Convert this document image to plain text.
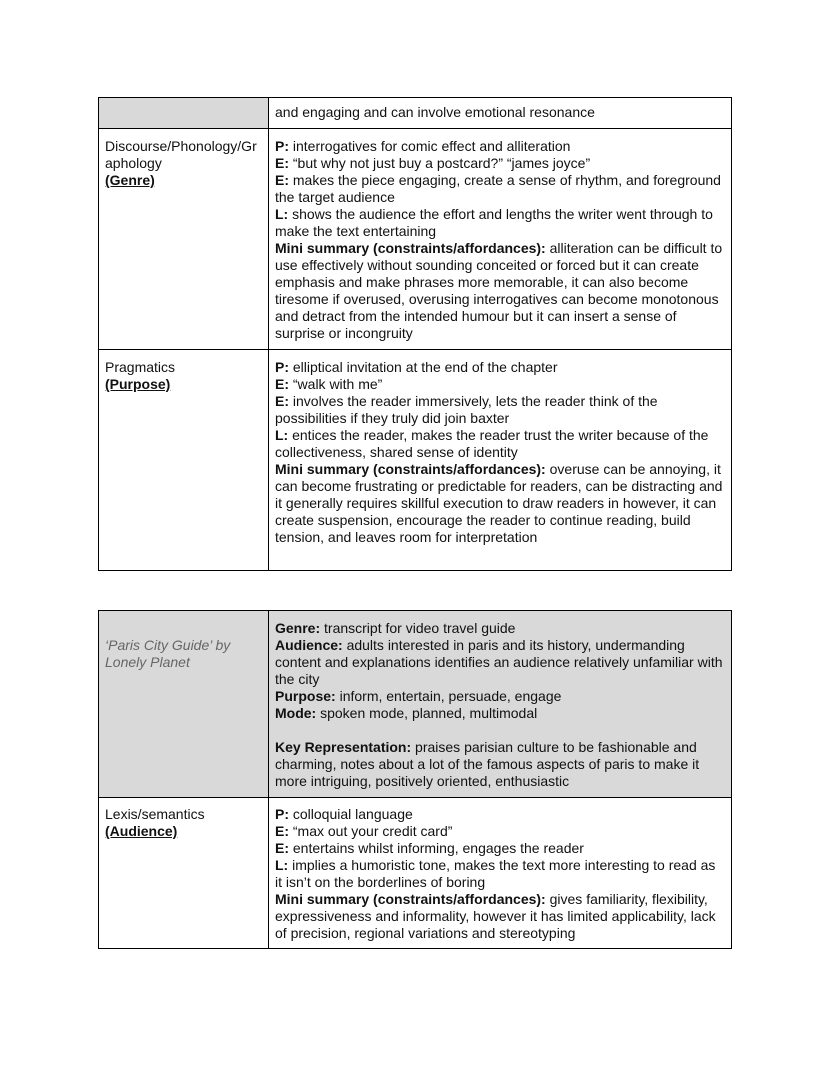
	and engaging and can involve emotional resonance

Discourse/Phonology/Graphology
(Genre)	P: interrogatives for comic effect and alliteration
E: “but why not just buy a postcard?” “james joyce”
E: makes the piece engaging, create a sense of rhythm, and foreground the target audience
L: shows the audience the effort and lengths the writer went through to make the text entertaining
Mini summary (constraints/affordances): alliteration can be difficult to use effectively without sounding conceited or forced but it can create emphasis and make phrases more memorable, it can also become tiresome if overused, overusing interrogatives can become monotonous and detract from the intended humour but it can insert a sense of surprise or incongruity

Pragmatics
(Purpose)	P: elliptical invitation at the end of the chapter
E: “walk with me”
E: involves the reader immersively, lets the reader think of the possibilities if they truly did join baxter
L: entices the reader, makes the reader trust the writer because of the collectiveness, shared sense of identity
Mini summary (constraints/affordances): overuse can be annoying, it can become frustrating or predictable for readers, can be distracting and it generally requires skillful execution to draw readers in however, it can create suspension, encourage the reader to continue reading, build tension, and leaves room for interpretation
‘Paris City Guide’ by Lonely Planet	Genre: transcript for video travel guide
Audience: adults interested in paris and its history, undermanding content and explanations identifies an audience relatively unfamiliar with the city
Purpose: inform, entertain, persuade, engage
Mode: spoken mode, planned, multimodal
Key Representation: praises parisian culture to be fashionable and charming, notes about a lot of the famous aspects of paris to make it more intriguing, positively oriented, enthusiastic

Lexis/semantics
(Audience)	P: colloquial language
E: “max out your credit card”
E: entertains whilst informing, engages the reader
L: implies a humoristic tone, makes the text more interesting to read as it isn’t on the borderlines of boring
Mini summary (constraints/affordances): gives familiarity, flexibility, expressiveness and informality, however it has limited applicability, lack of precision, regional variations and stereotyping
